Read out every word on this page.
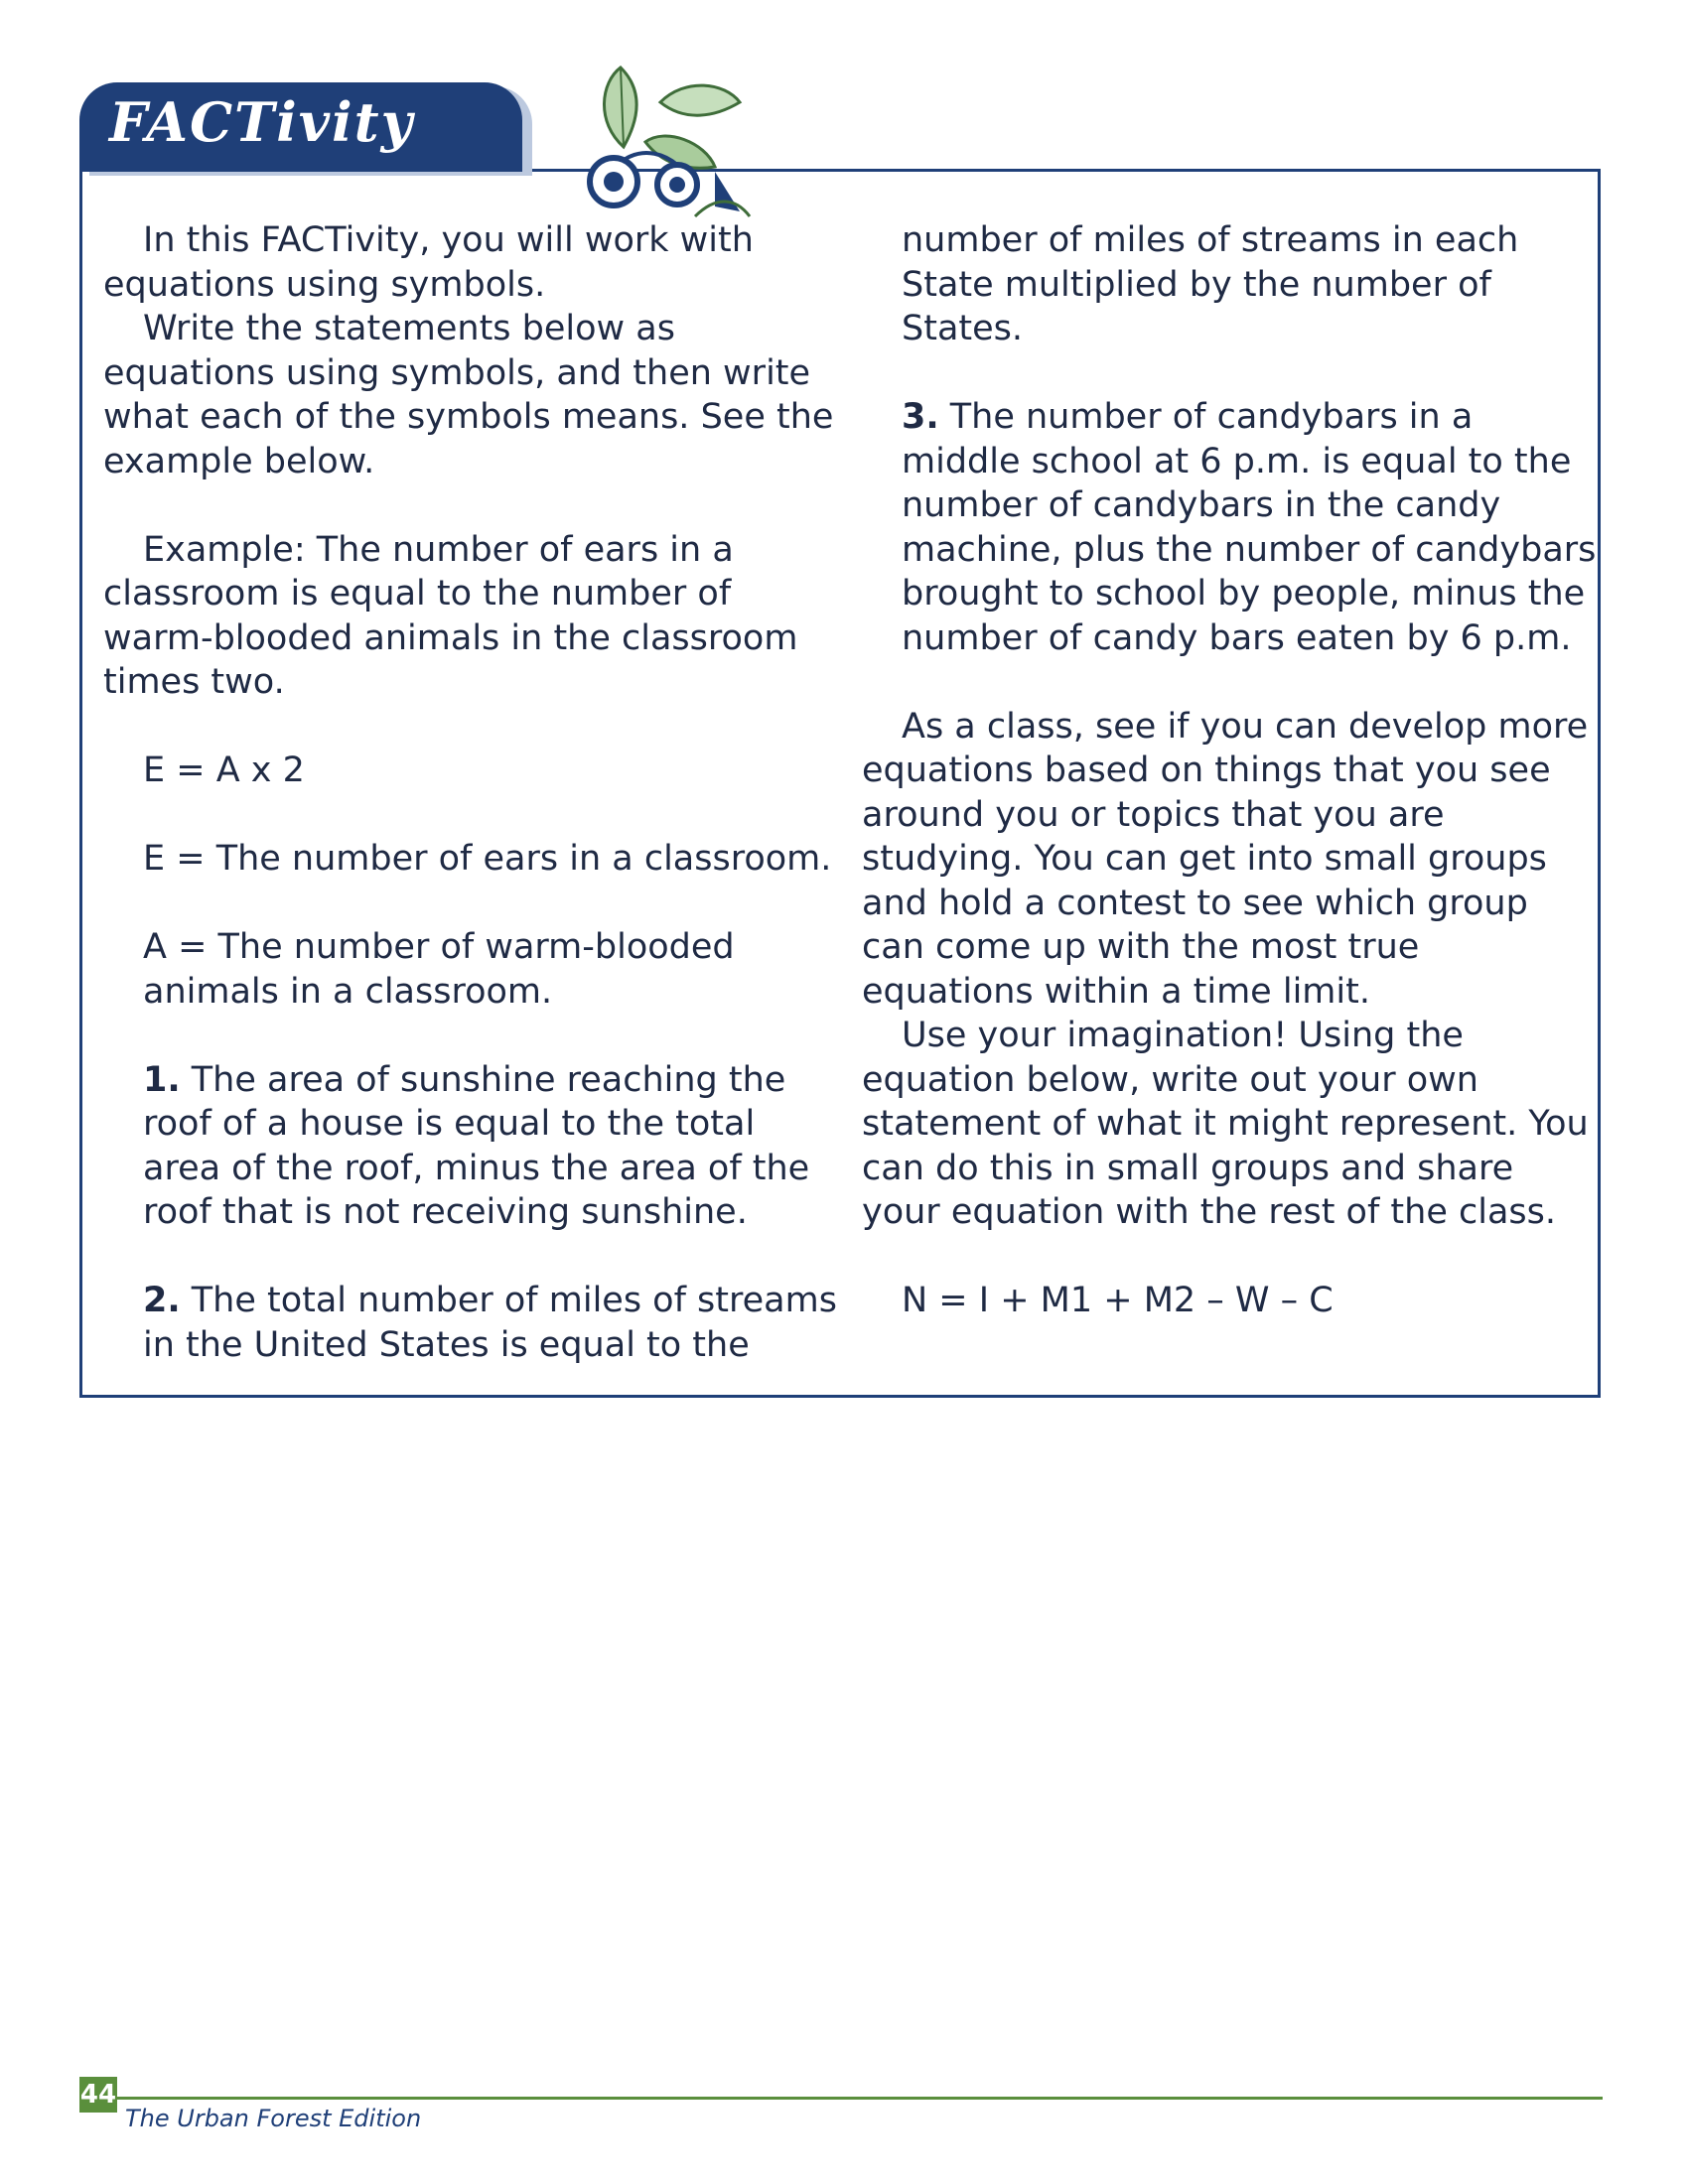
FACTivity

In this FACTivity, you will work with equations using symbols.

Write the statements below as equations using symbols, and then write what each of the symbols means. See the example below.

Example: The number of ears in a classroom is equal to the number of warm-blooded animals in the classroom times two.

E = A x 2

E = The number of ears in a classroom.

A = The number of warm-blooded animals in a classroom.

1. The area of sunshine reaching the roof of a house is equal to the total area of the roof, minus the area of the roof that is not receiving sunshine.

2. The total number of miles of streams in the United States is equal to the

number of miles of streams in each State multiplied by the number of States.

3. The number of candybars in a middle school at 6 p.m. is equal to the number of candybars in the candy machine, plus the number of candybars brought to school by people, minus the number of candy bars eaten by 6 p.m.

As a class, see if you can develop more equations based on things that you see around you or topics that you are studying. You can get into small groups and hold a contest to see which group can come up with the most true equations within a time limit.

Use your imagination! Using the equation below, write out your own statement of what it might represent. You can do this in small groups and share your equation with the rest of the class.

N = I + M1 + M2 – W – C

44
The Urban Forest Edition
